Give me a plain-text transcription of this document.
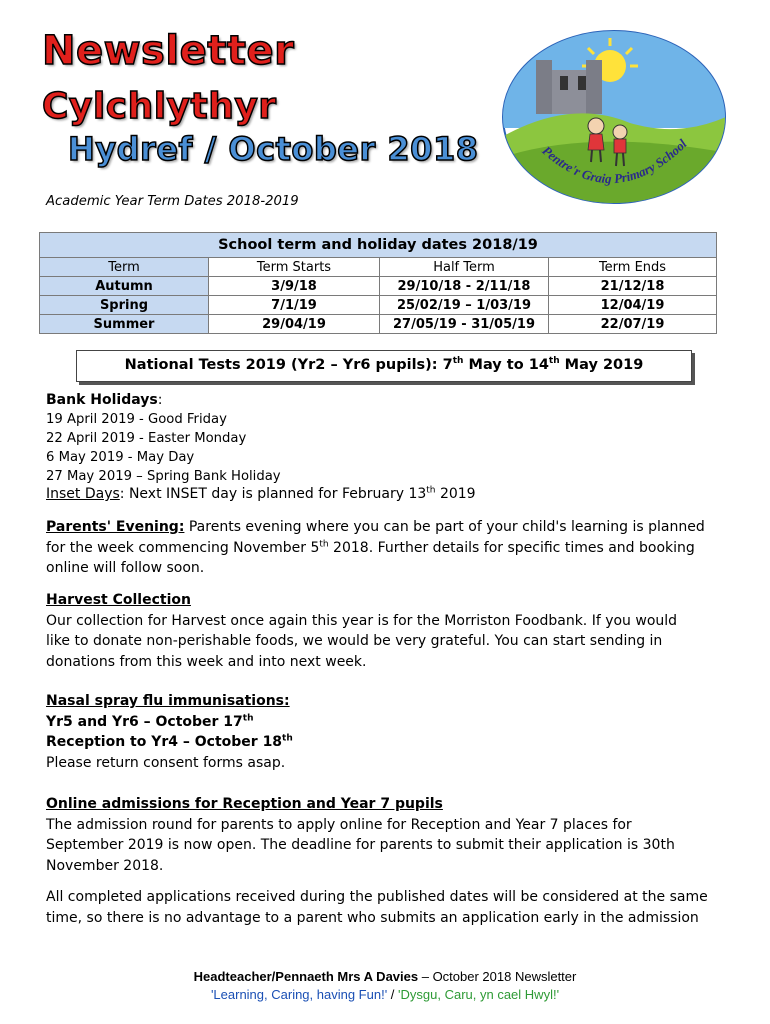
Newsletter
Cylchlythyr
Hydref / October 2018	Pentre'r Graig Primary School
Academic Year Term Dates 2018-2019
School term and holiday dates 2018/19			
Term	Term Starts	Half Term	Term Ends
Autumn	3/9/18	29/10/18 - 2/11/18	21/12/18
Spring	7/1/19	25/02/19 – 1/03/19	12/04/19
Summer	29/04/19	27/05/19 - 31/05/19	22/07/19
National Tests 2019 (Yr2 – Yr6 pupils): 7th May to 14th May 2019
Bank Holidays:
19 April 2019 - Good Friday
22 April 2019 - Easter Monday
6 May 2019 - May Day
27 May 2019 – Spring Bank Holiday
Inset Days: Next INSET day is planned for February 13th 2019
Parents' Evening: Parents evening where you can be part of your child's learning is planned
for the week commencing November 5th 2018. Further details for specific times and booking
online will follow soon.
Harvest Collection
Our collection for Harvest once again this year is for the Morriston Foodbank. If you would
like to donate non-perishable foods, we would be very grateful. You can start sending in
donations from this week and into next week.
Nasal spray flu immunisations:
Yr5 and Yr6 – October 17th
Reception to Yr4 – October 18th
Please return consent forms asap.
Online admissions for Reception and Year 7 pupils
The admission round for parents to apply online for Reception and Year 7 places for
September 2019 is now open. The deadline for parents to submit their application is 30th
November 2018.
All completed applications received during the published dates will be considered at the same
time, so there is no advantage to a parent who submits an application early in the admission
Headteacher/Pennaeth Mrs A Davies – October 2018 Newsletter
'Learning, Caring, having Fun!' / 'Dysgu, Caru, yn cael Hwyl!'
